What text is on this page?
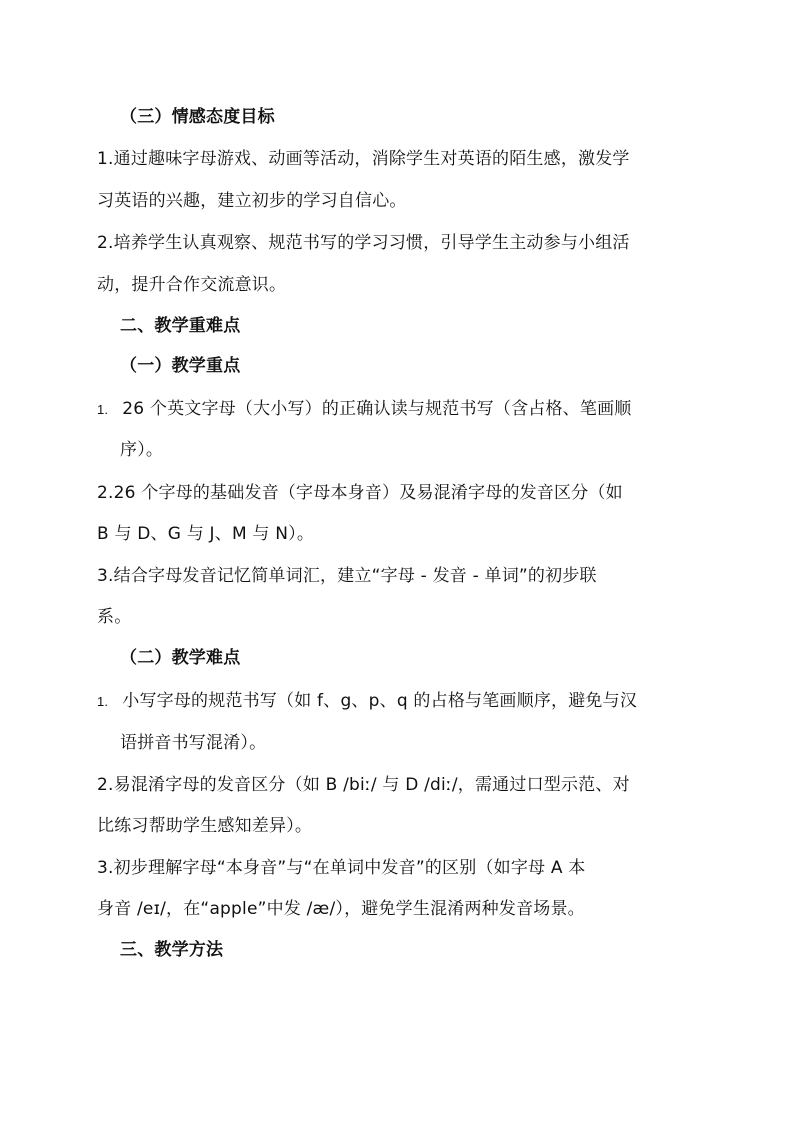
（三）情感态度目标
1.通过趣味字母游戏、动画等活动，消除学生对英语的陌生感，激发学
习英语的兴趣，建立初步的学习自信心。
2.培养学生认真观察、规范书写的学习习惯，引导学生主动参与小组活
动，提升合作交流意识。
二、教学重难点
（一）教学重点
1. 26 个英文字母（大小写）的正确认读与规范书写（含占格、笔画顺
序）。
2.26 个字母的基础发音（字母本身音）及易混淆字母的发音区分（如
B 与 D、G 与 J、M 与 N）。
3.结合字母发音记忆简单词汇，建立“字母 - 发音 - 单词”的初步联
系。
（二）教学难点
1. 小写字母的规范书写（如 f、g、p、q 的占格与笔画顺序，避免与汉
语拼音书写混淆）。
2.易混淆字母的发音区分（如 B /biː/ 与 D /diː/，需通过口型示范、对
比练习帮助学生感知差异）。
3.初步理解字母“本身音”与“在单词中发音”的区别（如字母 A 本
身音 /eɪ/，在“apple”中发 /æ/），避免学生混淆两种发音场景。
三、教学方法
